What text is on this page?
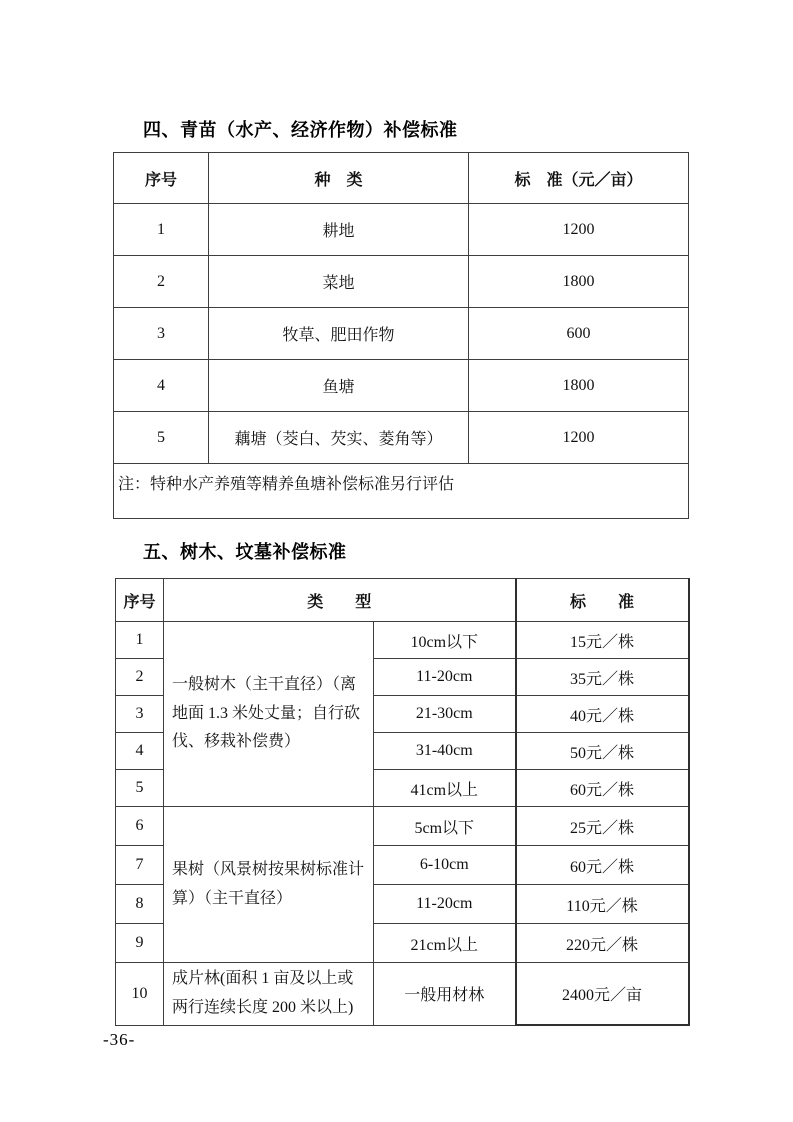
四、青苗（水产、经济作物）补偿标准
序号	种　类	标　准（元／亩）
1	耕地	1200
2	菜地	1800
3	牧草、肥田作物	600
4	鱼塘	1800
5	藕塘（茭白、芡实、菱角等）	1200
注：特种水产养殖等精养鱼塘补偿标准另行评估		
五、树木、坟墓补偿标准
序号	类　　型		标　　准
1	一般树木（主干直径）（离地面 1.3 米处丈量；自行砍伐、移栽补偿费）	10cm以下	15元／株
2		11-20cm	35元／株
3		21-30cm	40元／株
4		31-40cm	50元／株
5		41cm以上	60元／株
6	果树（风景树按果树标准计算）（主干直径）	5cm以下	25元／株
7		6-10cm	60元／株
8		11-20cm	110元／株
9		21cm以上	220元／株
10	成片林(面积 1 亩及以上或两行连续长度 200 米以上)	一般用材林	2400元／亩
-36-
